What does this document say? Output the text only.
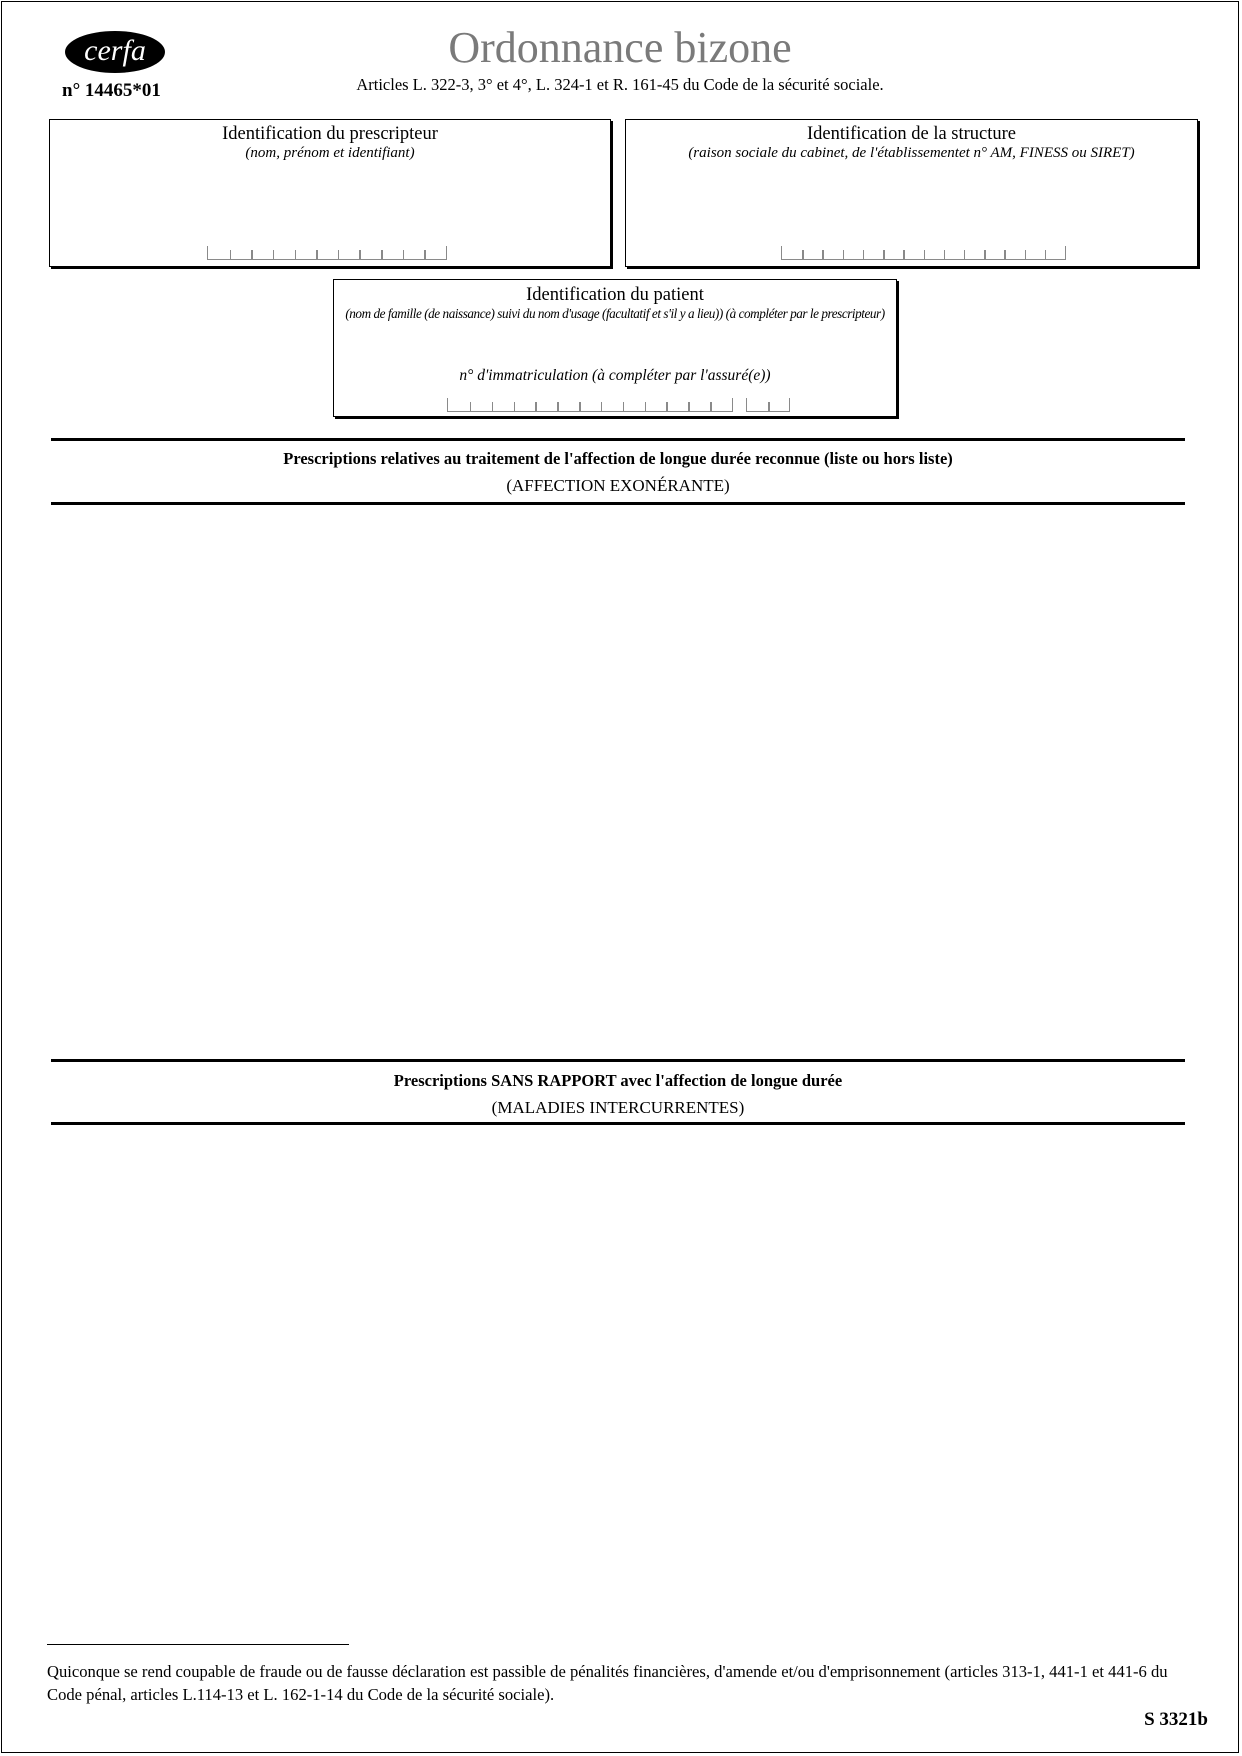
cerfa
n° 14465*01
Ordonnance bizone
Articles L. 322-3, 3° et 4°, L. 324-1 et R. 161-45 du Code de la sécurité sociale.
Identification du prescripteur
(nom, prénom et identifiant)
Identification de la structure
(raison sociale du cabinet, de l'établissementet n° AM, FINESS ou SIRET)
Identification du patient
(nom de famille (de naissance) suivi du nom d'usage (facultatif et s'il y a lieu)) (à compléter par le prescripteur)
n° d'immatriculation (à compléter par l'assuré(e))
Prescriptions relatives au traitement de l'affection de longue durée reconnue (liste ou hors liste)
(AFFECTION EXONÉRANTE)
Prescriptions SANS RAPPORT avec l'affection de longue durée
(MALADIES INTERCURRENTES)
Quiconque se rend coupable de fraude ou de fausse déclaration est passible de pénalités financières, d'amende et/ou d'emprisonnement (articles 313-1, 441-1 et 441-6 du Code pénal, articles L.114-13 et L. 162-1-14 du Code de la sécurité sociale).
S 3321b
